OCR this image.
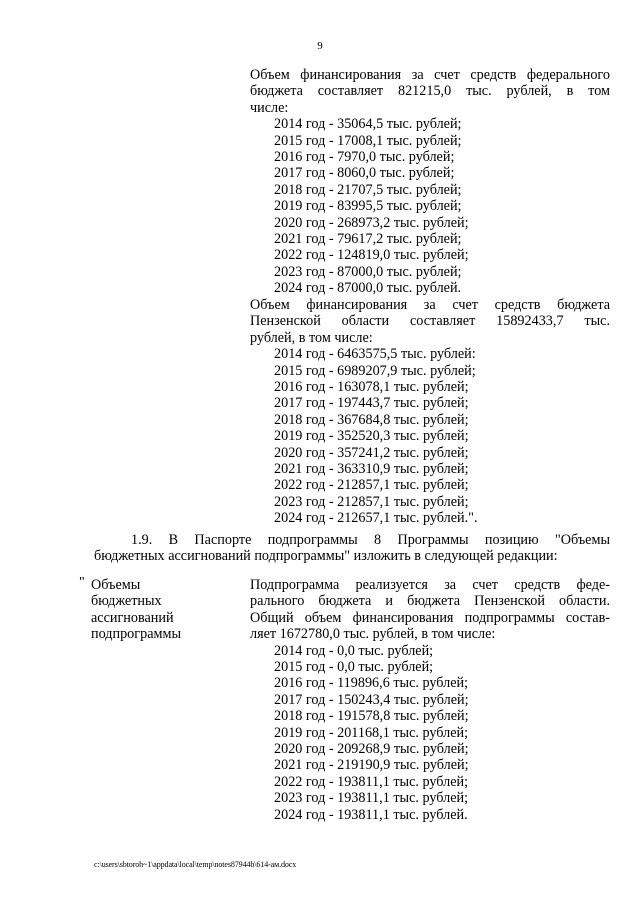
9
Объем финансирования за счет средств федерального
бюджета составляет 821215,0 тыс. рублей, в том
числе:
2014 год - 35064,5 тыс. рублей;
2015 год - 17008,1 тыс. рублей;
2016 год - 7970,0 тыс. рублей;
2017 год - 8060,0 тыс. рублей;
2018 год - 21707,5 тыс. рублей;
2019 год - 83995,5 тыс. рублей;
2020 год - 268973,2 тыс. рублей;
2021 год - 79617,2 тыс. рублей;
2022 год - 124819,0 тыс. рублей;
2023 год - 87000,0 тыс. рублей;
2024 год - 87000,0 тыс. рублей.
Объем финансирования за счет средств бюджета
Пензенской области составляет 15892433,7 тыс.
рублей, в том числе:
2014 год - 6463575,5 тыс. рублей:
2015 год - 6989207,9 тыс. рублей;
2016 год - 163078,1 тыс. рублей;
2017 год - 197443,7 тыс. рублей;
2018 год - 367684,8 тыс. рублей;
2019 год - 352520,3 тыс. рублей;
2020 год - 357241,2 тыс. рублей;
2021 год - 363310,9 тыс. рублей;
2022 год - 212857,1 тыс. рублей;
2023 год - 212857,1 тыс. рублей;
2024 год - 212657,1 тыс. рублей.".
1.9. В Паспорте подпрограммы 8 Программы позицию "Объемы
бюджетных ассигнований подпрограммы" изложить в следующей редакции:
" Объемы
бюджетных
ассигнований
подпрограммы
Подпрограмма реализуется за счет средств феде-
рального бюджета и бюджета Пензенской области.
Общий объем финансирования подпрограммы состав-
ляет 1672780,0 тыс. рублей, в том числе:
2014 год - 0,0 тыс. рублей;
2015 год - 0,0 тыс. рублей;
2016 год - 119896,6 тыс. рублей;
2017 год - 150243,4 тыс. рублей;
2018 год - 191578,8 тыс. рублей;
2019 год - 201168,1 тыс. рублей;
2020 год - 209268,9 тыс. рублей;
2021 год - 219190,9 тыс. рублей;
2022 год - 193811,1 тыс. рублей;
2023 год - 193811,1 тыс. рублей;
2024 год - 193811,1 тыс. рублей.
c:\users\sbtoroh~1\appdata\local\temp\notes87944b\614-ам.docx
